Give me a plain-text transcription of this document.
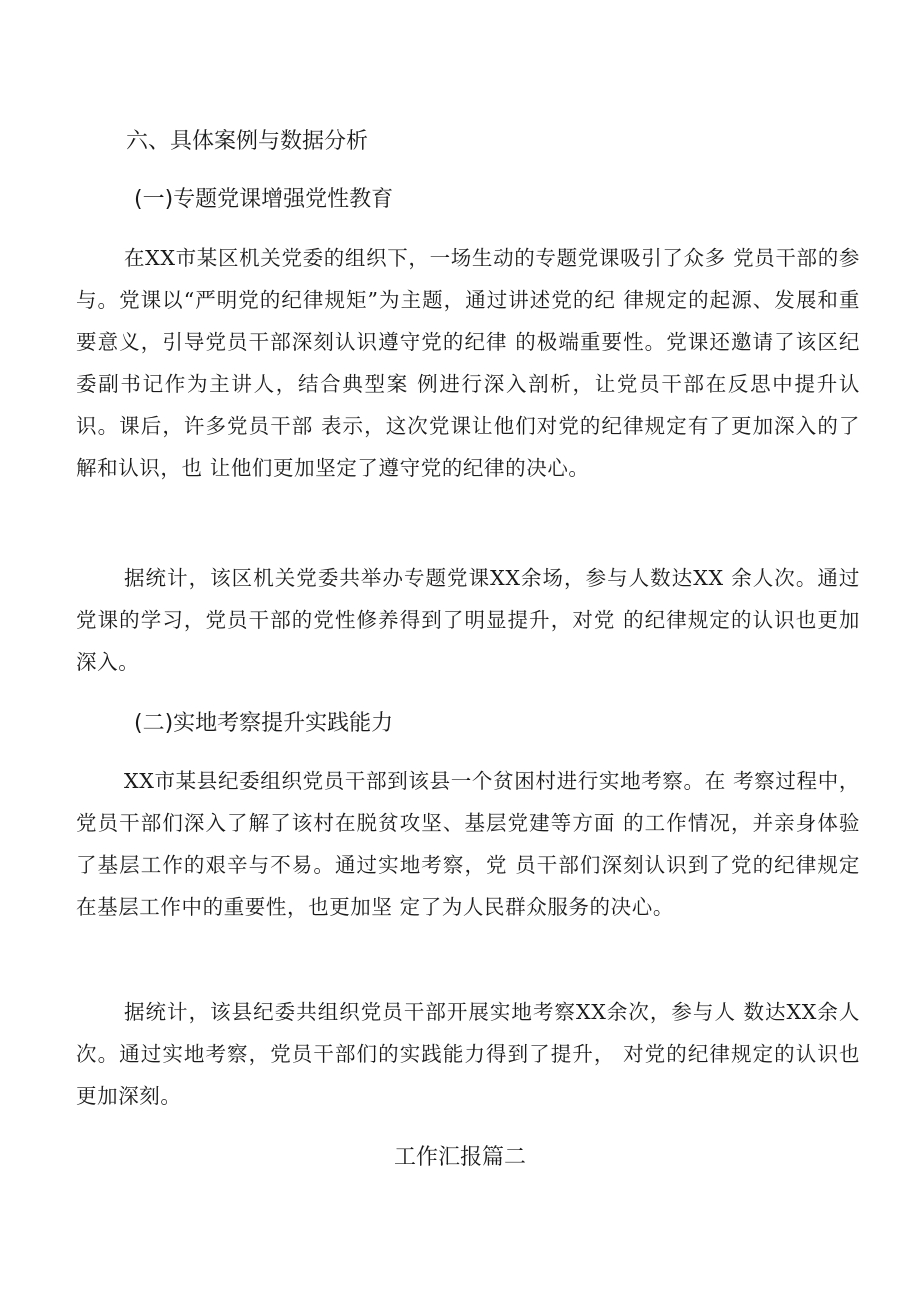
六、具体案例与数据分析
(一)专题党课增强党性教育

在XX市某区机关党委的组织下，一场生动的专题党课吸引了众多 党员干部的参与。党课以“严明党的纪律规矩”为主题，通过讲述党的纪 律规定的起源、发展和重要意义，引导党员干部深刻认识遵守党的纪律 的极端重要性。党课还邀请了该区纪委副书记作为主讲人，结合典型案 例进行深入剖析，让党员干部在反思中提升认识。课后，许多党员干部 表示，这次党课让他们对党的纪律规定有了更加深入的了解和认识，也 让他们更加坚定了遵守党的纪律的决心。

据统计，该区机关党委共举办专题党课XX余场，参与人数达XX 余人次。通过党课的学习，党员干部的党性修养得到了明显提升，对党 的纪律规定的认识也更加深入。

(二)实地考察提升实践能力

XX市某县纪委组织党员干部到该县一个贫困村进行实地考察。在 考察过程中，党员干部们深入了解了该村在脱贫攻坚、基层党建等方面 的工作情况，并亲身体验了基层工作的艰辛与不易。通过实地考察，党 员干部们深刻认识到了党的纪律规定在基层工作中的重要性，也更加坚 定了为人民群众服务的决心。

据统计，该县纪委共组织党员干部开展实地考察XX余次，参与人 数达XX余人次。通过实地考察，党员干部们的实践能力得到了提升， 对党的纪律规定的认识也更加深刻。

工作汇报篇二
